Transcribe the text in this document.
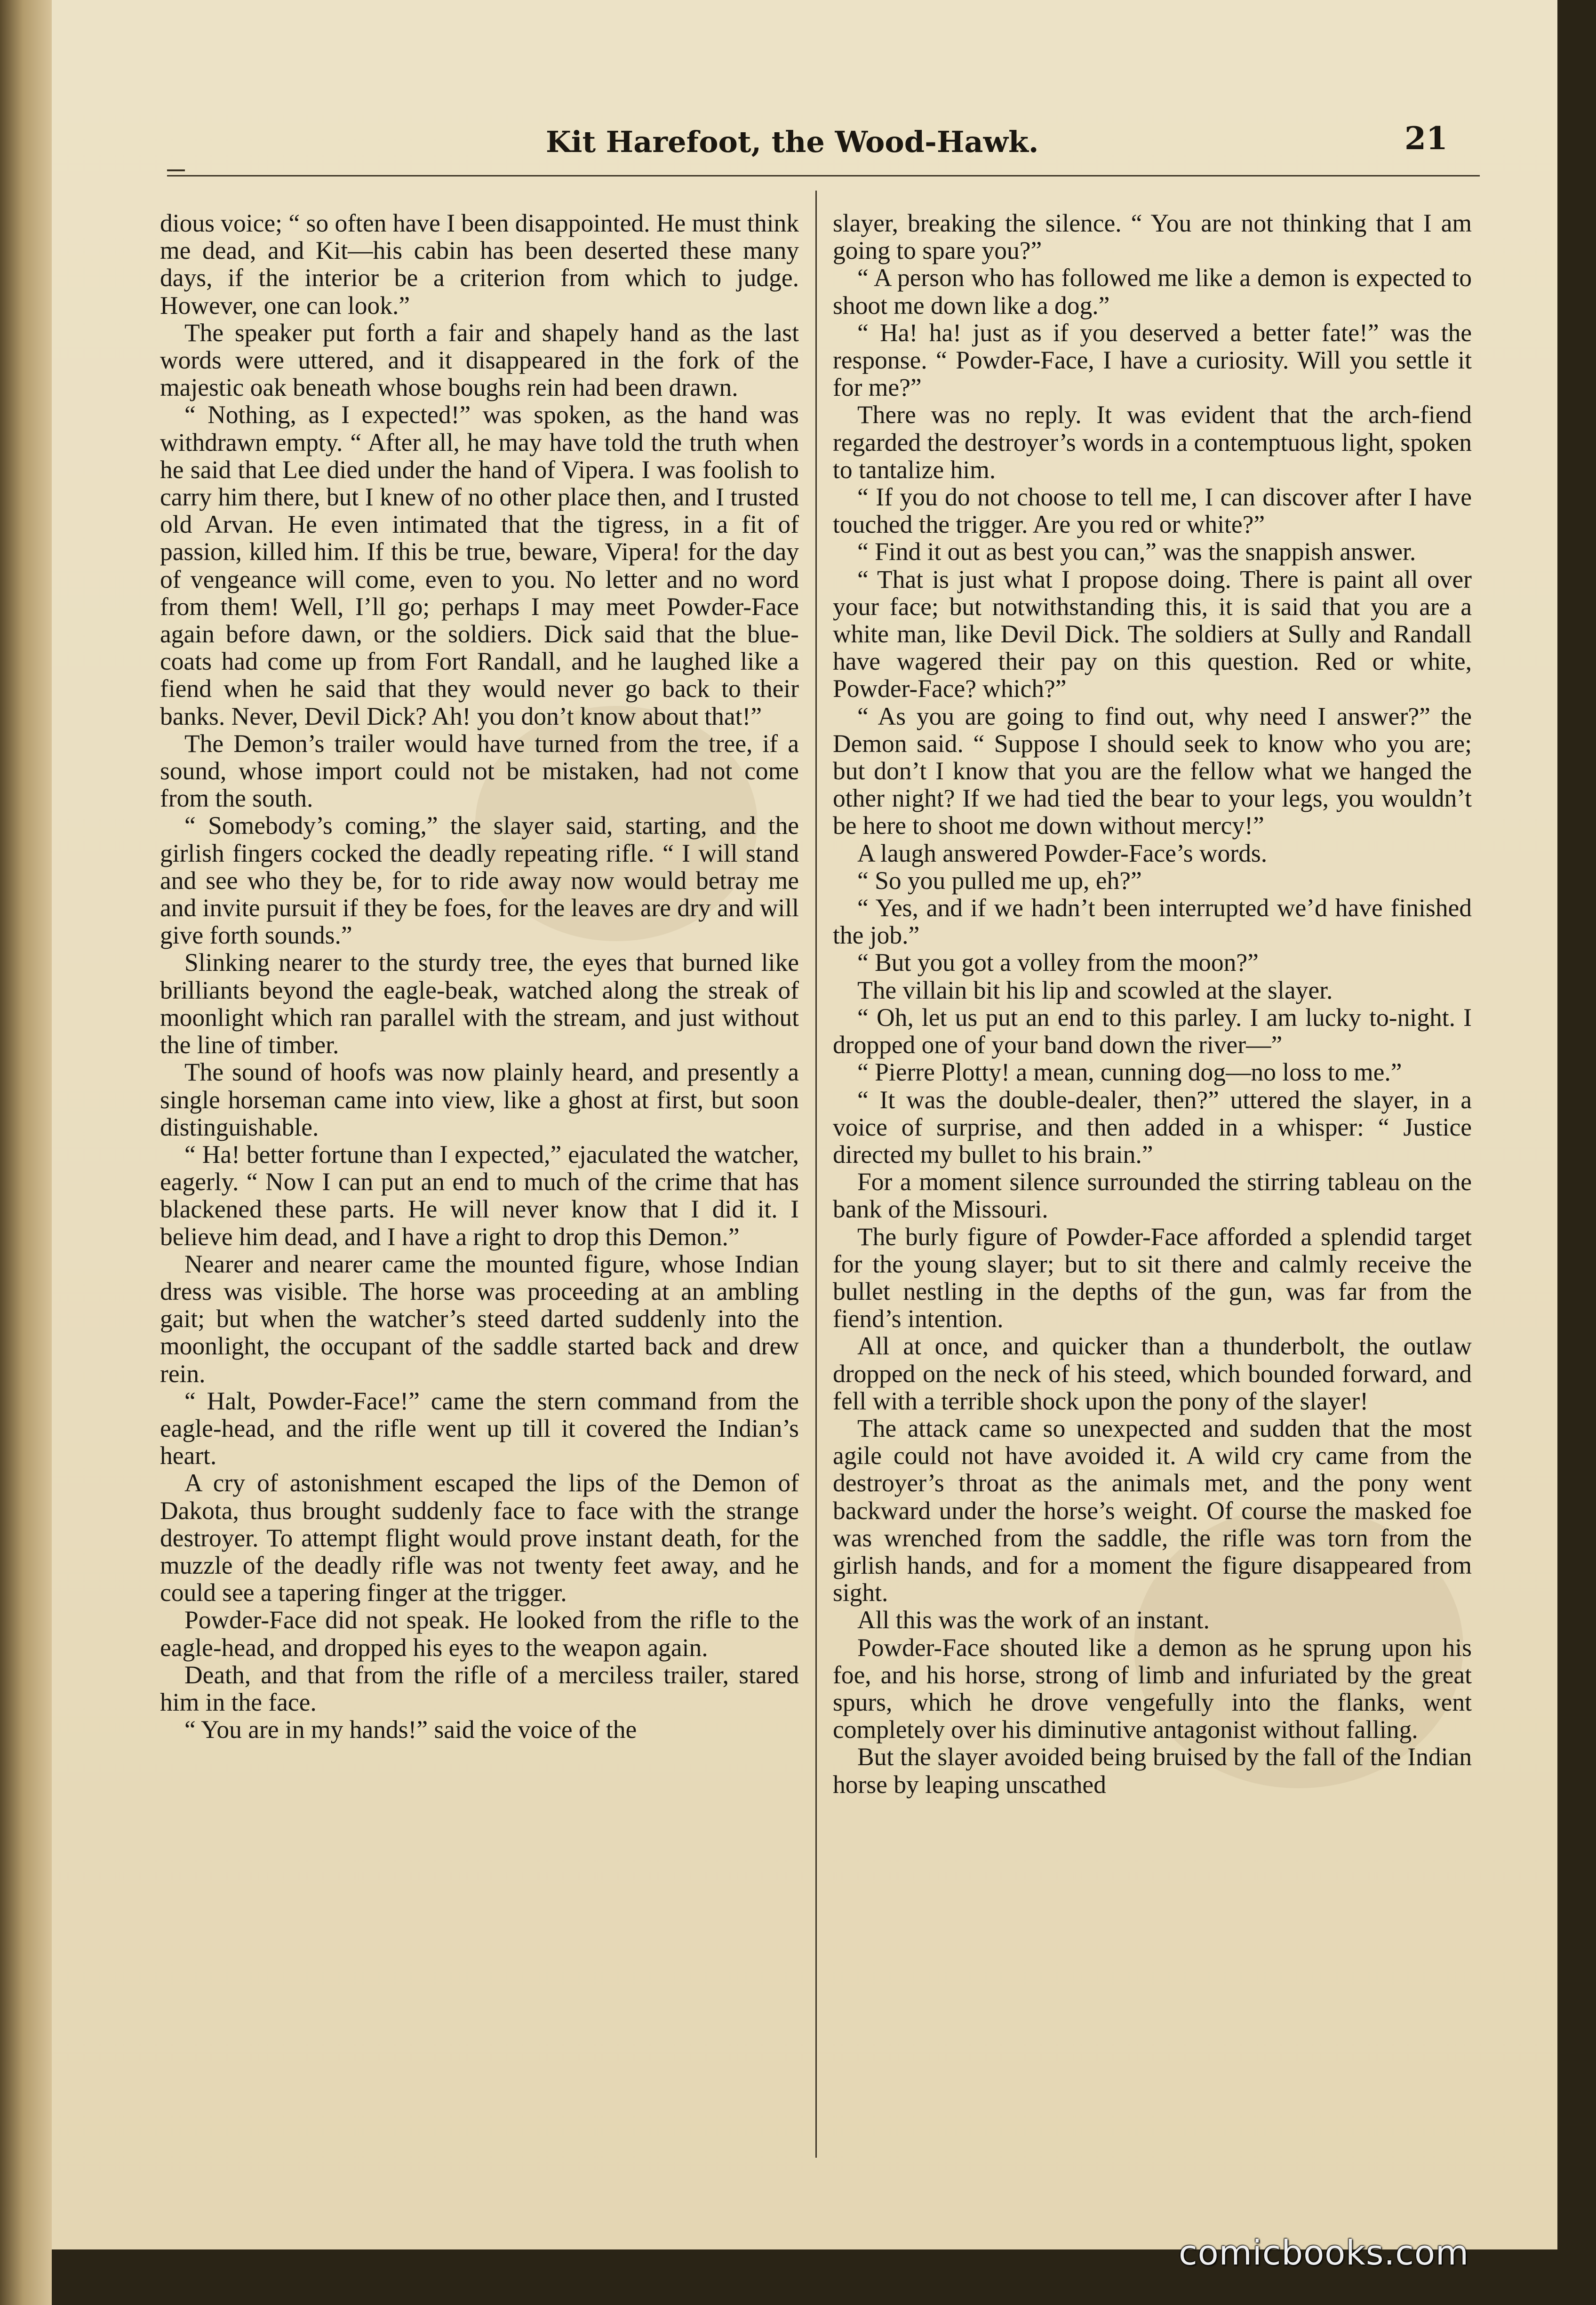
Kit Harefoot, the Wood-Hawk.	21

dious voice; “ so often have I been disappointed. He must think me dead, and Kit—his cabin has been deserted these many days, if the interior be a criterion from which to judge. However, one can look.”

The speaker put forth a fair and shapely hand as the last words were uttered, and it disappeared in the fork of the majestic oak beneath whose boughs rein had been drawn.

“ Nothing, as I expected!” was spoken, as the hand was withdrawn empty. “ After all, he may have told the truth when he said that Lee died under the hand of Vipera. I was foolish to carry him there, but I knew of no other place then, and I trusted old Arvan. He even intimated that the tigress, in a fit of passion, killed him. If this be true, beware, Vipera! for the day of vengeance will come, even to you. No letter and no word from them! Well, I’ll go; perhaps I may meet Powder-Face again before dawn, or the soldiers. Dick said that the blue-coats had come up from Fort Randall, and he laughed like a fiend when he said that they would never go back to their banks. Never, Devil Dick? Ah! you don’t know about that!”

The Demon’s trailer would have turned from the tree, if a sound, whose import could not be mistaken, had not come from the south.

“ Somebody’s coming,” the slayer said, starting, and the girlish fingers cocked the deadly repeating rifle. “ I will stand and see who they be, for to ride away now would betray me and invite pursuit if they be foes, for the leaves are dry and will give forth sounds.”

Slinking nearer to the sturdy tree, the eyes that burned like brilliants beyond the eagle-beak, watched along the streak of moonlight which ran parallel with the stream, and just without the line of timber.

The sound of hoofs was now plainly heard, and presently a single horseman came into view, like a ghost at first, but soon distinguishable.

“ Ha! better fortune than I expected,” ejaculated the watcher, eagerly. “ Now I can put an end to much of the crime that has blackened these parts. He will never know that I did it. I believe him dead, and I have a right to drop this Demon.”

Nearer and nearer came the mounted figure, whose Indian dress was visible. The horse was proceeding at an ambling gait; but when the watcher’s steed darted suddenly into the moonlight, the occupant of the saddle started back and drew rein.

“ Halt, Powder-Face!” came the stern command from the eagle-head, and the rifle went up till it covered the Indian’s heart.

A cry of astonishment escaped the lips of the Demon of Dakota, thus brought suddenly face to face with the strange destroyer. To attempt flight would prove instant death, for the muzzle of the deadly rifle was not twenty feet away, and he could see a tapering finger at the trigger.

Powder-Face did not speak. He looked from the rifle to the eagle-head, and dropped his eyes to the weapon again.

Death, and that from the rifle of a merciless trailer, stared him in the face.

“ You are in my hands!” said the voice of the

slayer, breaking the silence. “ You are not thinking that I am going to spare you?”

“ A person who has followed me like a demon is expected to shoot me down like a dog.”

“ Ha! ha! just as if you deserved a better fate!” was the response. “ Powder-Face, I have a curiosity. Will you settle it for me?”

There was no reply. It was evident that the arch-fiend regarded the destroyer’s words in a contemptuous light, spoken to tantalize him.

“ If you do not choose to tell me, I can discover after I have touched the trigger. Are you red or white?”

“ Find it out as best you can,” was the snappish answer.

“ That is just what I propose doing. There is paint all over your face; but notwithstanding this, it is said that you are a white man, like Devil Dick. The soldiers at Sully and Randall have wagered their pay on this question. Red or white, Powder-Face? which?”

“ As you are going to find out, why need I answer?” the Demon said. “ Suppose I should seek to know who you are; but don’t I know that you are the fellow what we hanged the other night? If we had tied the bear to your legs, you wouldn’t be here to shoot me down without mercy!”

A laugh answered Powder-Face’s words.

“ So you pulled me up, eh?”

“ Yes, and if we hadn’t been interrupted we’d have finished the job.”

“ But you got a volley from the moon?”

The villain bit his lip and scowled at the slayer.

“ Oh, let us put an end to this parley. I am lucky to-night. I dropped one of your band down the river—”

“ Pierre Plotty! a mean, cunning dog—no loss to me.”

“ It was the double-dealer, then?” uttered the slayer, in a voice of surprise, and then added in a whisper: “ Justice directed my bullet to his brain.”

For a moment silence surrounded the stirring tableau on the bank of the Missouri.

The burly figure of Powder-Face afforded a splendid target for the young slayer; but to sit there and calmly receive the bullet nestling in the depths of the gun, was far from the fiend’s intention.

All at once, and quicker than a thunderbolt, the outlaw dropped on the neck of his steed, which bounded forward, and fell with a terrible shock upon the pony of the slayer!

The attack came so unexpected and sudden that the most agile could not have avoided it. A wild cry came from the destroyer’s throat as the animals met, and the pony went backward under the horse’s weight. Of course the masked foe was wrenched from the saddle, the rifle was torn from the girlish hands, and for a moment the figure disappeared from sight.

All this was the work of an instant.

Powder-Face shouted like a demon as he sprung upon his foe, and his horse, strong of limb and infuriated by the great spurs, which he drove vengefully into the flanks, went completely over his diminutive antagonist without falling.

But the slayer avoided being bruised by the fall of the Indian horse by leaping unscathed

comicbooks.com
